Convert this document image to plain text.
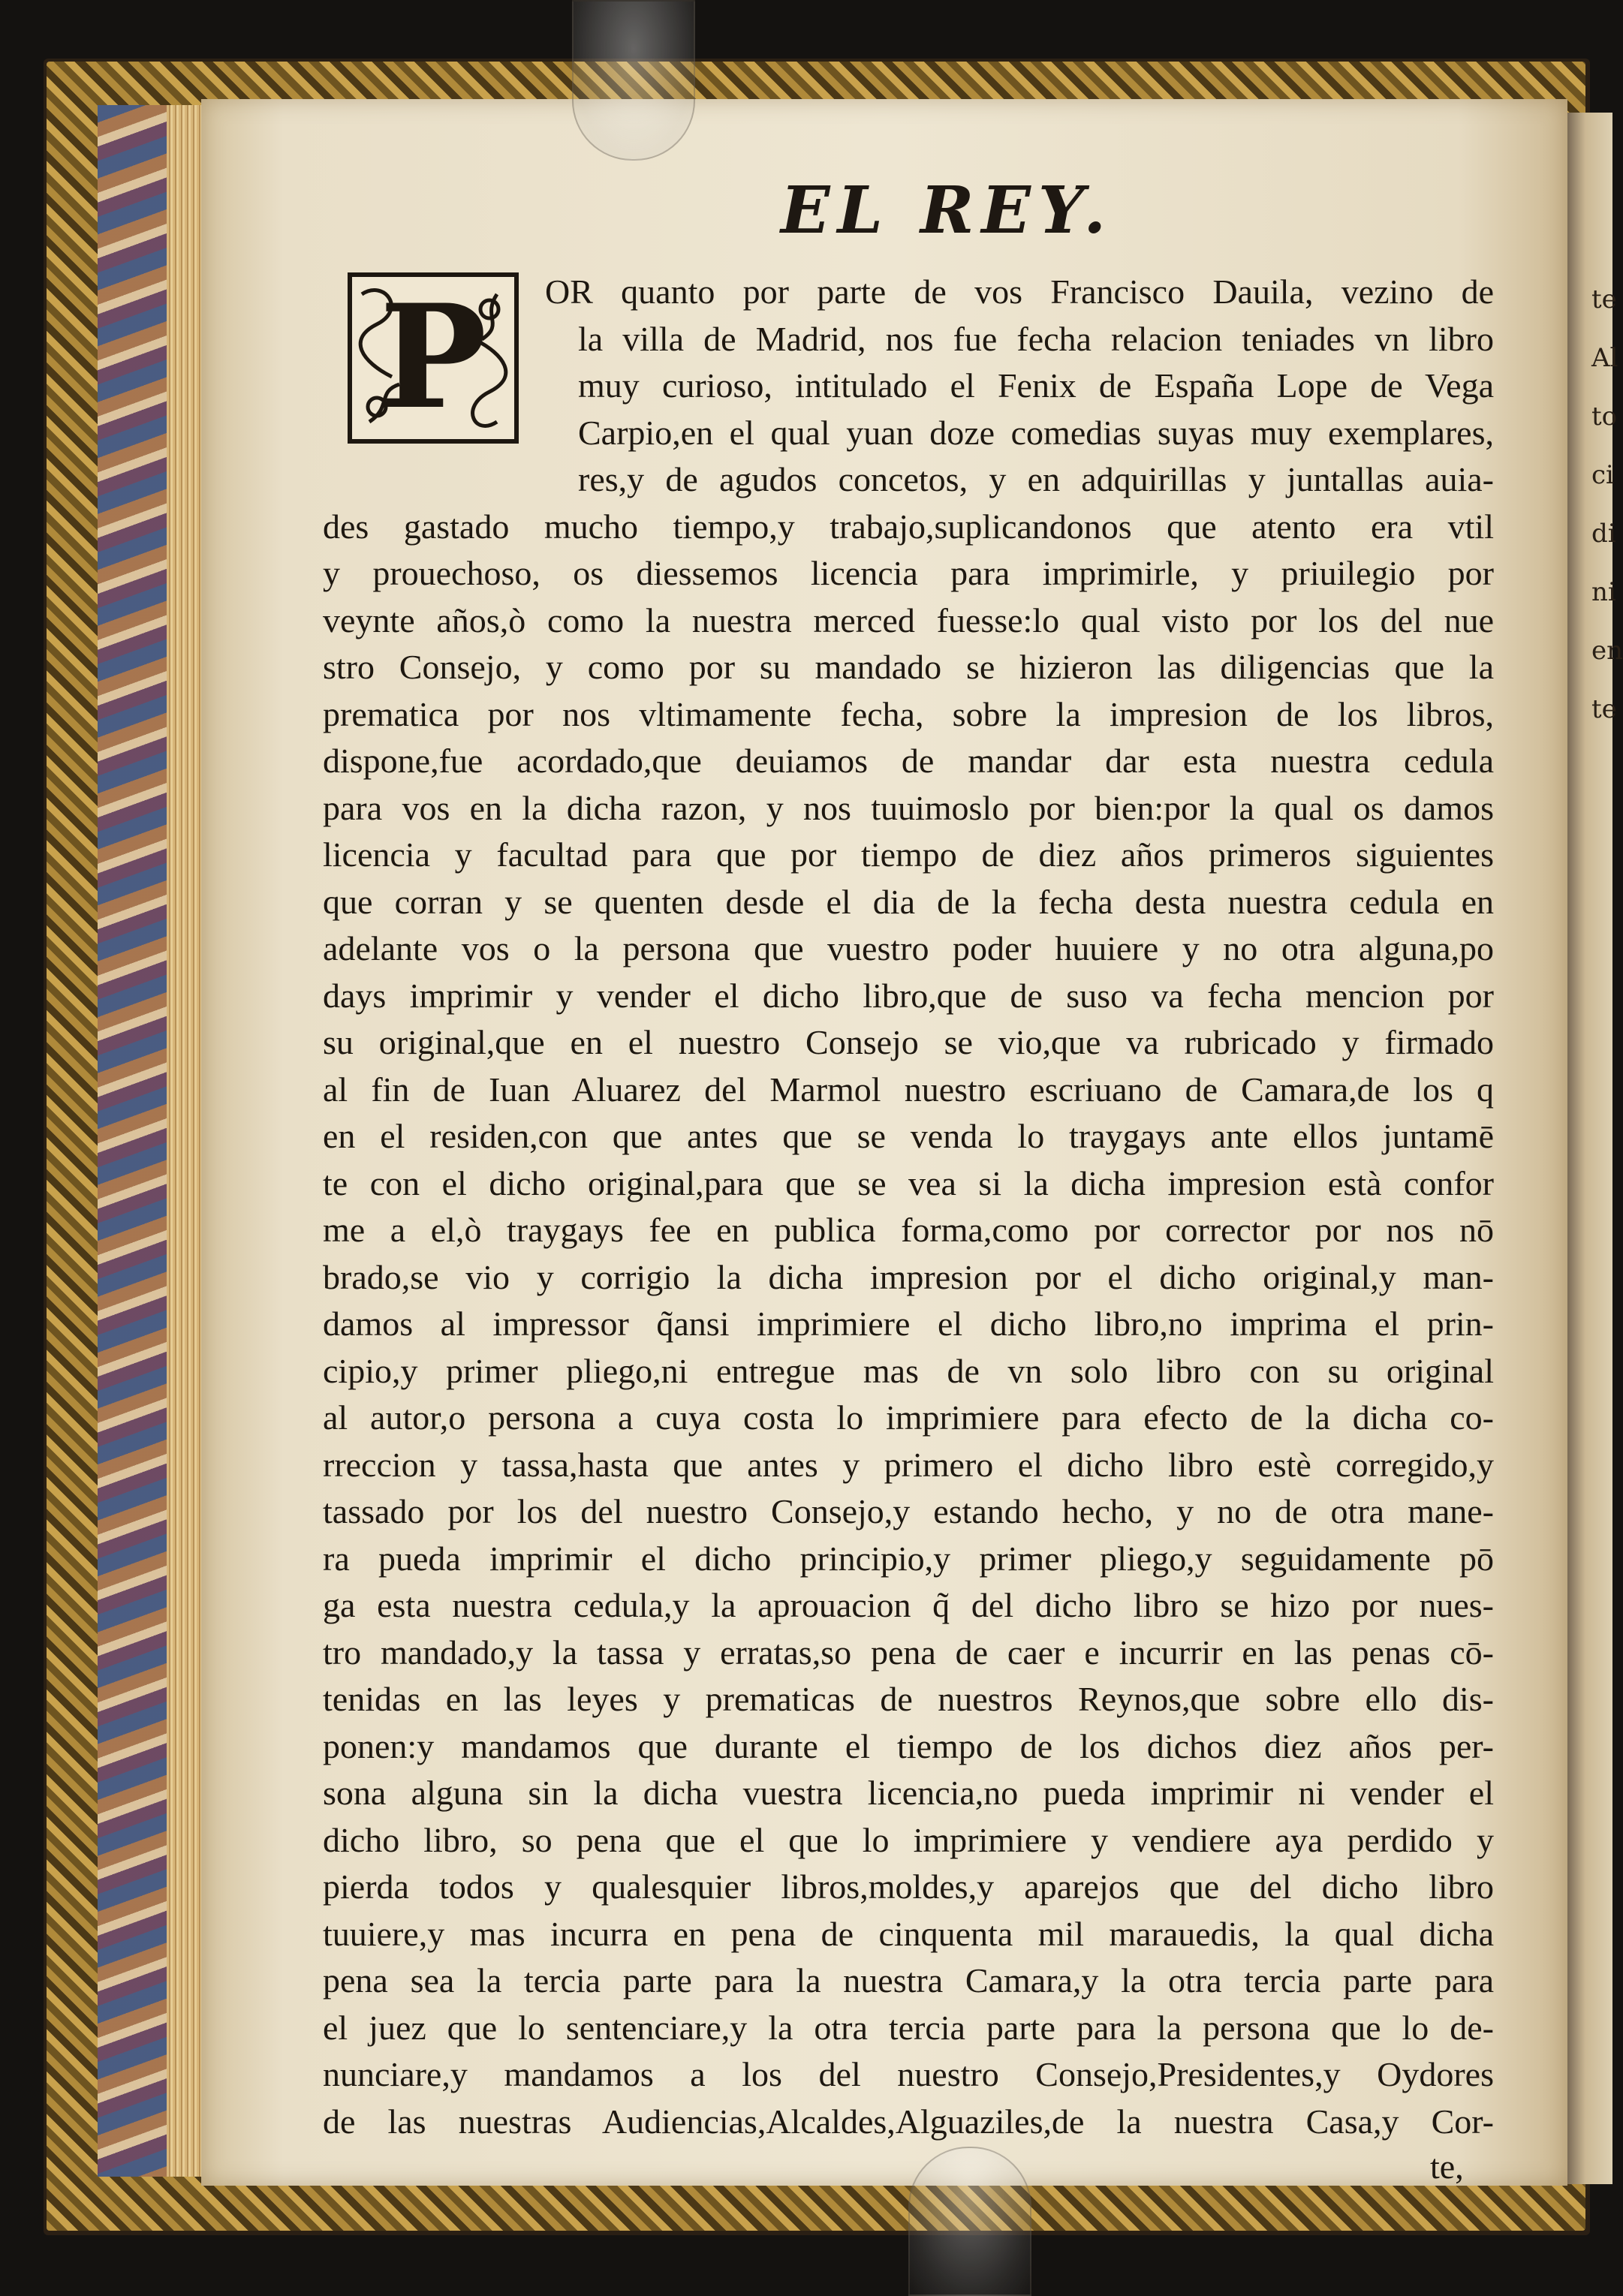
te
Al
to
ci
di
ni
en
te
EL REY.
P	OR quanto por parte de vos Francisco Dauila, vezino de
la villa de Madrid, nos fue fecha relacion teniades vn libro
muy curioso, intitulado el Fenix de España Lope de Vega
Carpio,en el qual yuan doze comedias suyas muy exemplares,
res,y de agudos concetos, y en adquirillas y juntallas auia-
des gastado mucho tiempo,y trabajo,suplicandonos que atento era vtil
y prouechoso, os diessemos licencia para imprimirle, y priuilegio por
veynte años,ò como la nuestra merced fuesse:lo qual visto por los del nue
stro Consejo, y como por su mandado se hizieron las diligencias que la
prematica por nos vltimamente fecha, sobre la impresion de los libros,
dispone,fue acordado,que deuiamos de mandar dar esta nuestra cedula
para vos en la dicha razon, y nos tuuimoslo por bien:por la qual os damos
licencia y facultad para que por tiempo de diez años primeros siguientes
que corran y se quenten desde el dia de la fecha desta nuestra cedula en
adelante vos o la persona que vuestro poder huuiere y no otra alguna,po
days imprimir y vender el dicho libro,que de suso va fecha mencion por
su original,que en el nuestro Consejo se vio,que va rubricado y firmado
al fin de Iuan Aluarez del Marmol nuestro escriuano de Camara,de los q
en el residen,con que antes que se venda lo traygays ante ellos juntamē
te con el dicho original,para que se vea si la dicha impresion està confor
me a el,ò traygays fee en publica forma,como por corrector por nos nō
brado,se vio y corrigio la dicha impresion por el dicho original,y man-
damos al impressor q̃ansi imprimiere el dicho libro,no imprima el prin-
cipio,y primer pliego,ni entregue mas de vn solo libro con su original
al autor,o persona a cuya costa lo imprimiere para efecto de la dicha co-
rreccion y tassa,hasta que antes y primero el dicho libro estè corregido,y
tassado por los del nuestro Consejo,y estando hecho, y no de otra mane-
ra pueda imprimir el dicho principio,y primer pliego,y seguidamente pō
ga esta nuestra cedula,y la aprouacion q̃ del dicho libro se hizo por nues-
tro mandado,y la tassa y erratas,so pena de caer e incurrir en las penas cō-
tenidas en las leyes y prematicas de nuestros Reynos,que sobre ello dis-
ponen:y mandamos que durante el tiempo de los dichos diez años per-
sona alguna sin la dicha vuestra licencia,no pueda imprimir ni vender el
dicho libro, so pena que el que lo imprimiere y vendiere aya perdido y
pierda todos y qualesquier libros,moldes,y aparejos que del dicho libro
tuuiere,y mas incurra en pena de cinquenta mil marauedis, la qual dicha
pena sea la tercia parte para la nuestra Camara,y la otra tercia parte para
el juez que lo sentenciare,y la otra tercia parte para la persona que lo de-
nunciare,y mandamos a los del nuestro Consejo,Presidentes,y Oydores
de las nuestras Audiencias,Alcaldes,Alguaziles,de la nuestra Casa,y Cor-
te,
